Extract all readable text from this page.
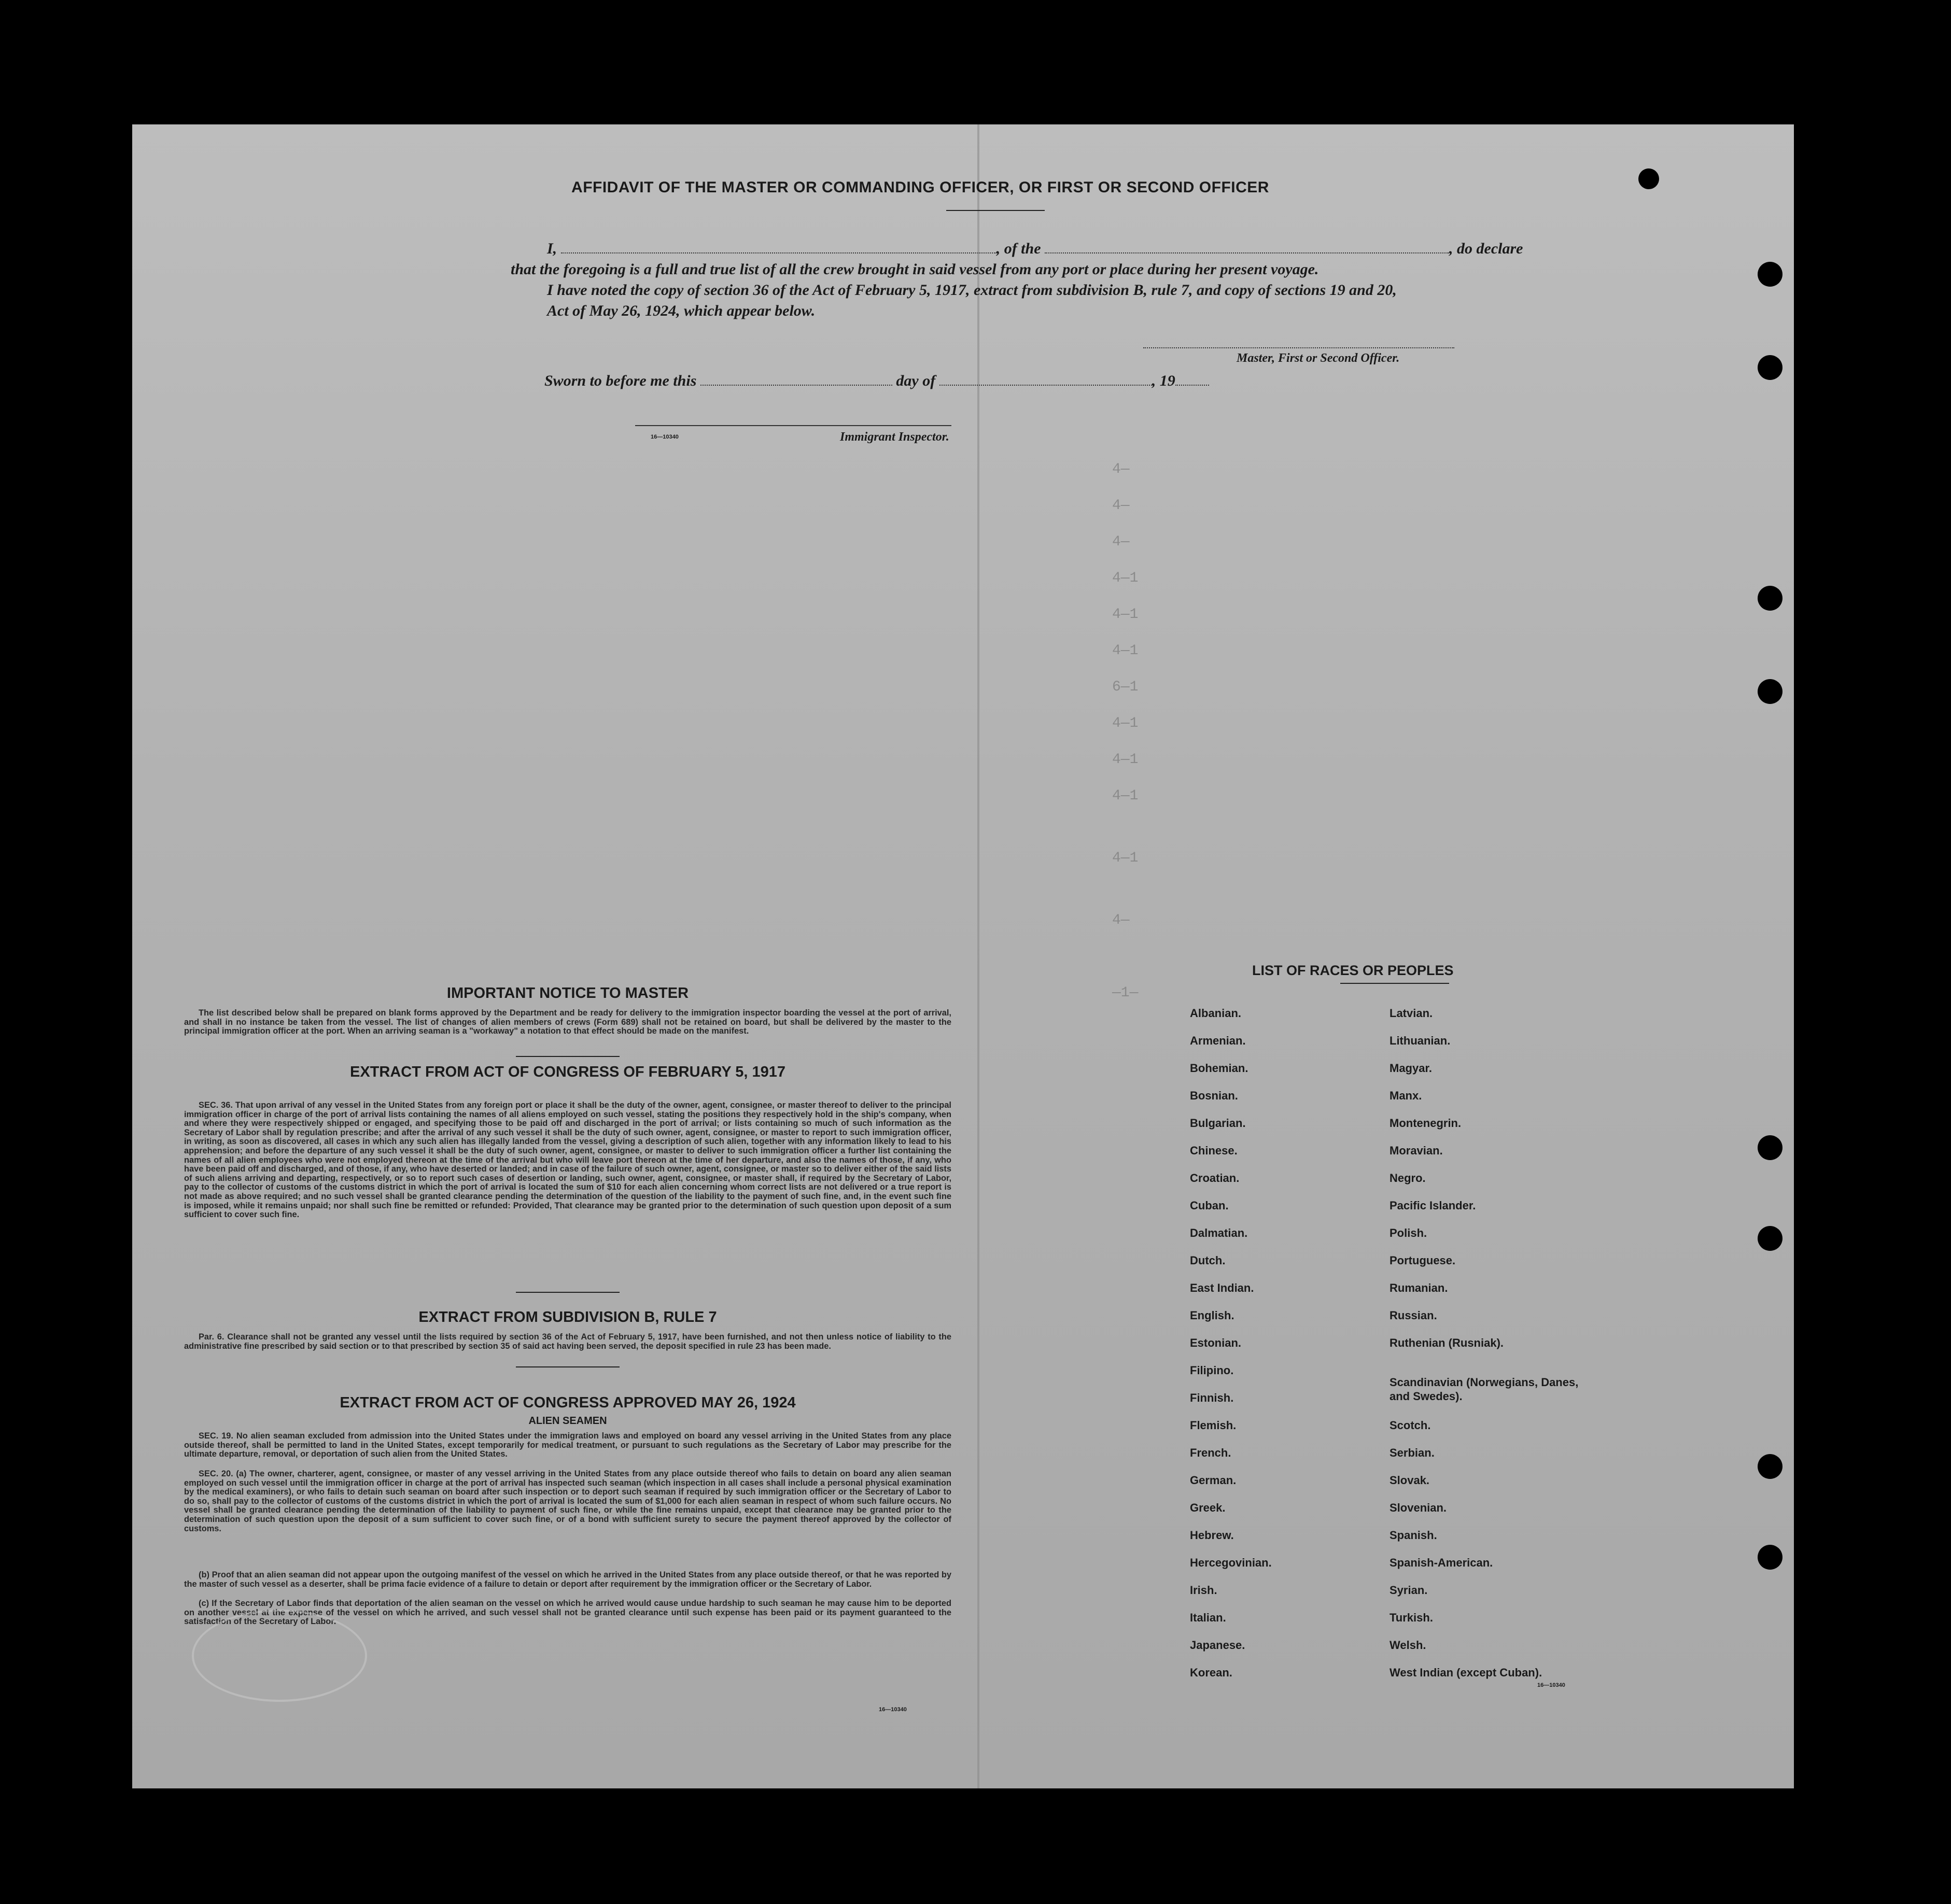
4—
4—
4—
4—1
4—1
4—1
6—1
4—1
4—1
4—1
4—1
4—
—1—
AFFIDAVIT OF THE MASTER OR COMMANDING OFFICER, OR FIRST OR SECOND OFFICER
I,	, of the	, do declare
that the foregoing is a full and true list of all the crew brought in said vessel from any port or place during her present voyage.
I have noted the copy of section 36 of the Act of February 5, 1917, extract from subdivision B, rule 7, and copy of sections 19 and 20,
Act of May 26, 1924, which appear below.
Master, First or Second Officer.
Sworn to before me this	day of	, 19
16—10340	Immigrant Inspector.
IMPORTANT NOTICE TO MASTER
The list described below shall be prepared on blank forms approved by the Department and be ready for delivery to the immigration inspector boarding the vessel at the port of arrival, and shall in no instance be taken from the vessel. The list of changes of alien members of crews (Form 689) shall not be retained on board, but shall be delivered by the master to the principal immigration officer at the port. When an arriving seaman is a "workaway" a notation to that effect should be made on the manifest.
EXTRACT FROM ACT OF CONGRESS OF FEBRUARY 5, 1917
SEC. 36. That upon arrival of any vessel in the United States from any foreign port or place it shall be the duty of the owner, agent, consignee, or master thereof to deliver to the principal immigration officer in charge of the port of arrival lists containing the names of all aliens employed on such vessel, stating the positions they respectively hold in the ship's company, when and where they were respectively shipped or engaged, and specifying those to be paid off and discharged in the port of arrival; or lists containing so much of such information as the Secretary of Labor shall by regulation prescribe; and after the arrival of any such vessel it shall be the duty of such owner, agent, consignee, or master to report to such immigration officer, in writing, as soon as discovered, all cases in which any such alien has illegally landed from the vessel, giving a description of such alien, together with any information likely to lead to his apprehension; and before the departure of any such vessel it shall be the duty of such owner, agent, consignee, or master to deliver to such immigration officer a further list containing the names of all alien employees who were not employed thereon at the time of the arrival but who will leave port thereon at the time of her departure, and also the names of those, if any, who have been paid off and discharged, and of those, if any, who have deserted or landed; and in case of the failure of such owner, agent, consignee, or master so to deliver either of the said lists of such aliens arriving and departing, respectively, or so to report such cases of desertion or landing, such owner, agent, consignee, or master shall, if required by the Secretary of Labor, pay to the collector of customs of the customs district in which the port of arrival is located the sum of $10 for each alien concerning whom correct lists are not delivered or a true report is not made as above required; and no such vessel shall be granted clearance pending the determination of the question of the liability to the payment of such fine, and, in the event such fine is imposed, while it remains unpaid; nor shall such fine be remitted or refunded: Provided, That clearance may be granted prior to the determination of such question upon deposit of a sum sufficient to cover such fine.
EXTRACT FROM SUBDIVISION B, RULE 7
Par. 6. Clearance shall not be granted any vessel until the lists required by section 36 of the Act of February 5, 1917, have been furnished, and not then unless notice of liability to the administrative fine prescribed by said section or to that prescribed by section 35 of said act having been served, the deposit specified in rule 23 has been made.
EXTRACT FROM ACT OF CONGRESS APPROVED MAY 26, 1924
ALIEN SEAMEN
SEC. 19. No alien seaman excluded from admission into the United States under the immigration laws and employed on board any vessel arriving in the United States from any place outside thereof, shall be permitted to land in the United States, except temporarily for medical treatment, or pursuant to such regulations as the Secretary of Labor may prescribe for the ultimate departure, removal, or deportation of such alien from the United States.
SEC. 20. (a) The owner, charterer, agent, consignee, or master of any vessel arriving in the United States from any place outside thereof who fails to detain on board any alien seaman employed on such vessel until the immigration officer in charge at the port of arrival has inspected such seaman (which inspection in all cases shall include a personal physical examination by the medical examiners), or who fails to detain such seaman on board after such inspection or to deport such seaman if required by such immigration officer or the Secretary of Labor to do so, shall pay to the collector of customs of the customs district in which the port of arrival is located the sum of $1,000 for each alien seaman in respect of whom such failure occurs. No vessel shall be granted clearance pending the determination of the liability to payment of such fine, or while the fine remains unpaid, except that clearance may be granted prior to the determination of such question upon the deposit of a sum sufficient to cover such fine, or of a bond with sufficient surety to secure the payment thereof approved by the collector of customs.
(b) Proof that an alien seaman did not appear upon the outgoing manifest of the vessel on which he arrived in the United States from any place outside thereof, or that he was reported by the master of such vessel as a deserter, shall be prima facie evidence of a failure to detain or deport after requirement by the immigration officer or the Secretary of Labor.
(c) If the Secretary of Labor finds that deportation of the alien seaman on the vessel on which he arrived would cause undue hardship to such seaman he may cause him to be deported on another vessel at the expense of the vessel on which he arrived, and such vessel shall not be granted clearance until such expense has been paid or its payment guaranteed to the satisfaction of the Secretary of Labor.
16—10340
LIST OF RACES OR PEOPLES
Albanian.
Armenian.
Bohemian.
Bosnian.
Bulgarian.
Chinese.
Croatian.
Cuban.
Dalmatian.
Dutch.
East Indian.
English.
Estonian.
Filipino.
Finnish.
Flemish.
French.
German.
Greek.
Hebrew.
Hercegovinian.
Irish.
Italian.
Japanese.
Korean.
Latvian.
Lithuanian.
Magyar.
Manx.
Montenegrin.
Moravian.
Negro.
Pacific Islander.
Polish.
Portuguese.
Rumanian.
Russian.
Ruthenian (Rusniak).
Scandinavian (Norwegians, Danes, and Swedes).
Scotch.
Serbian.
Slovak.
Slovenian.
Spanish.
Spanish-American.
Syrian.
Turkish.
Welsh.
West Indian (except Cuban).
16—10340
